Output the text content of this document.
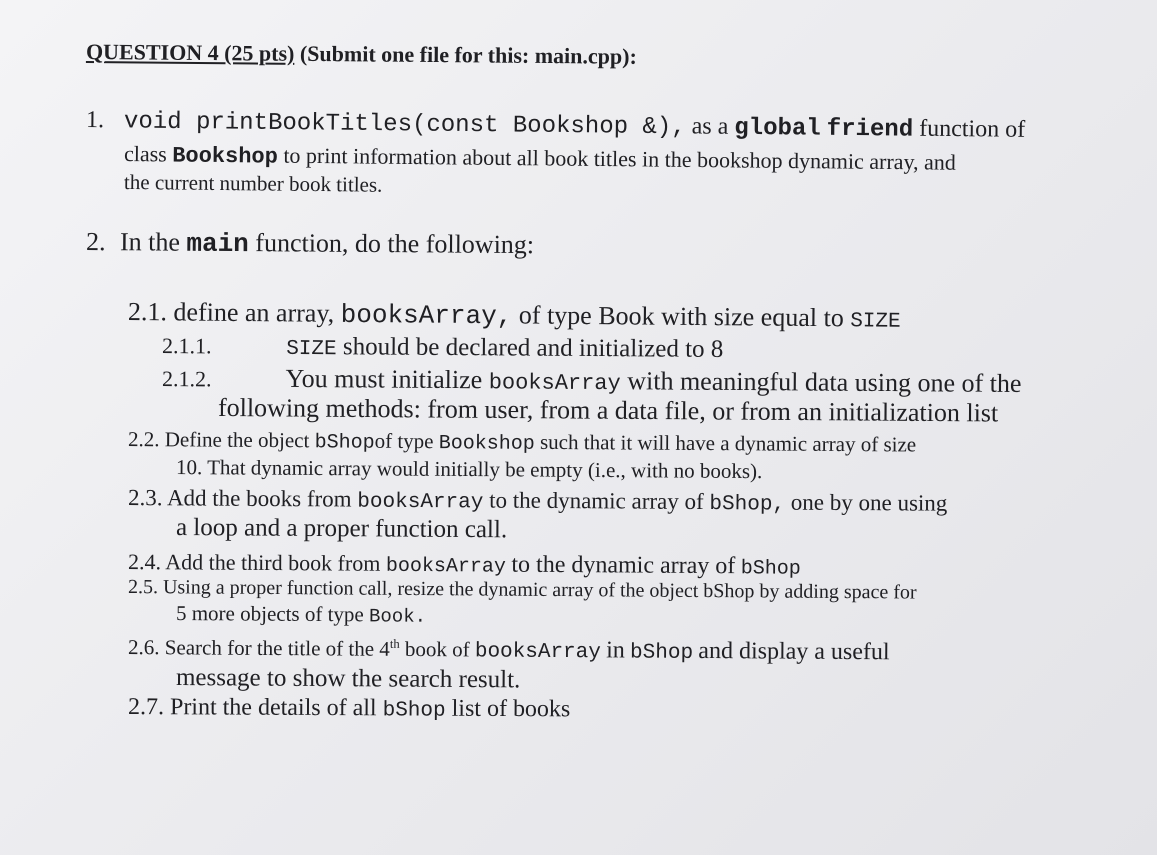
QUESTION 4 (25 pts) (Submit one file for this: main.cpp):
1. void printBookTitles(const Bookshop &), as a global friend function of
class Bookshop to print information about all book titles in the bookshop dynamic array, and
the current number book titles.
2. In the main function, do the following:
2.1. define an array, booksArray, of type Book with size equal to SIZE
2.1.1.	SIZE should be declared and initialized to 8
2.1.2.	You must initialize booksArray with meaningful data using one of the
following methods: from user, from a data file, or from an initialization list
2.2. Define the object bShopof type Bookshop such that it will have a dynamic array of size
10. That dynamic array would initially be empty (i.e., with no books).
2.3. Add the books from booksArray to the dynamic array of bShop, one by one using
a loop and a proper function call.
2.4. Add the third book from booksArray to the dynamic array of bShop
2.5. Using a proper function call, resize the dynamic array of the object bShop by adding space for
5 more objects of type Book.
2.6. Search for the title of the 4th book of booksArray in bShop and display a useful
message to show the search result.
2.7. Print the details of all bShop list of books
